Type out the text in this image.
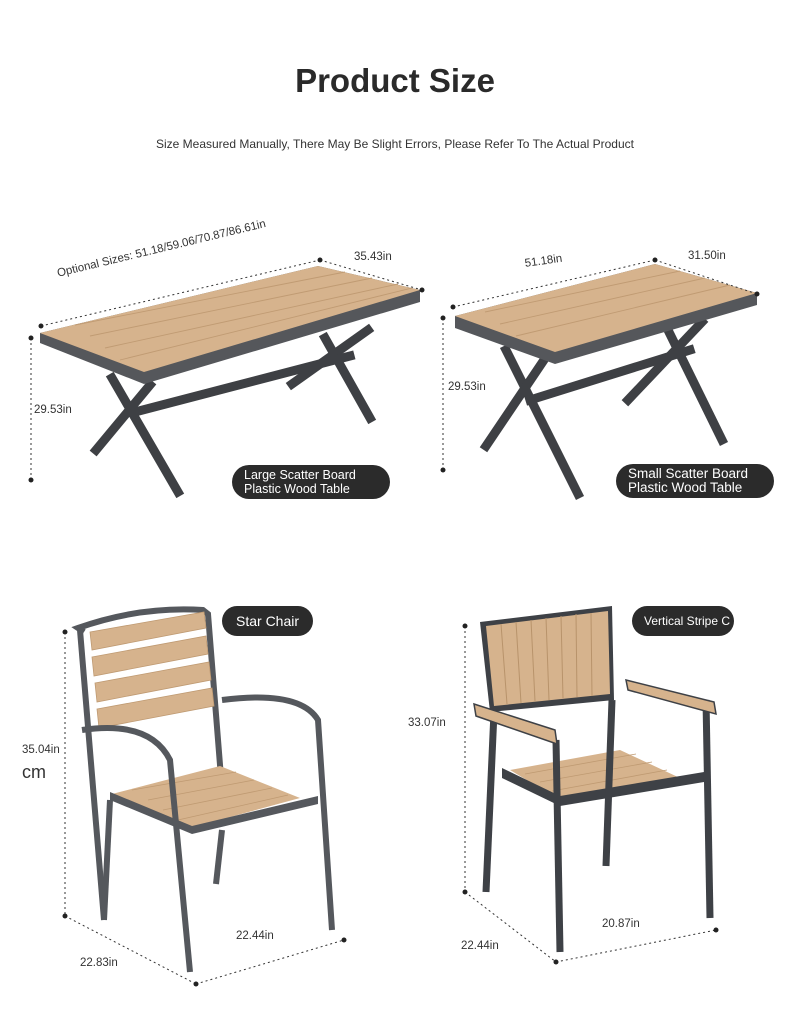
Product Size
Size Measured Manually, There May Be Slight Errors, Please Refer To The Actual Product
Optional Sizes: 51.18/59.06/70.87/86.61in	35.43in
29.53in
Large Scatter Board
Plastic Wood Table
51.18in	31.50in
29.53in
Small Scatter Board
Plastic Wood Table
Star Chair
35.04in
cm
22.44in
22.83in
Vertical Stripe C
33.07in
20.87in
22.44in
